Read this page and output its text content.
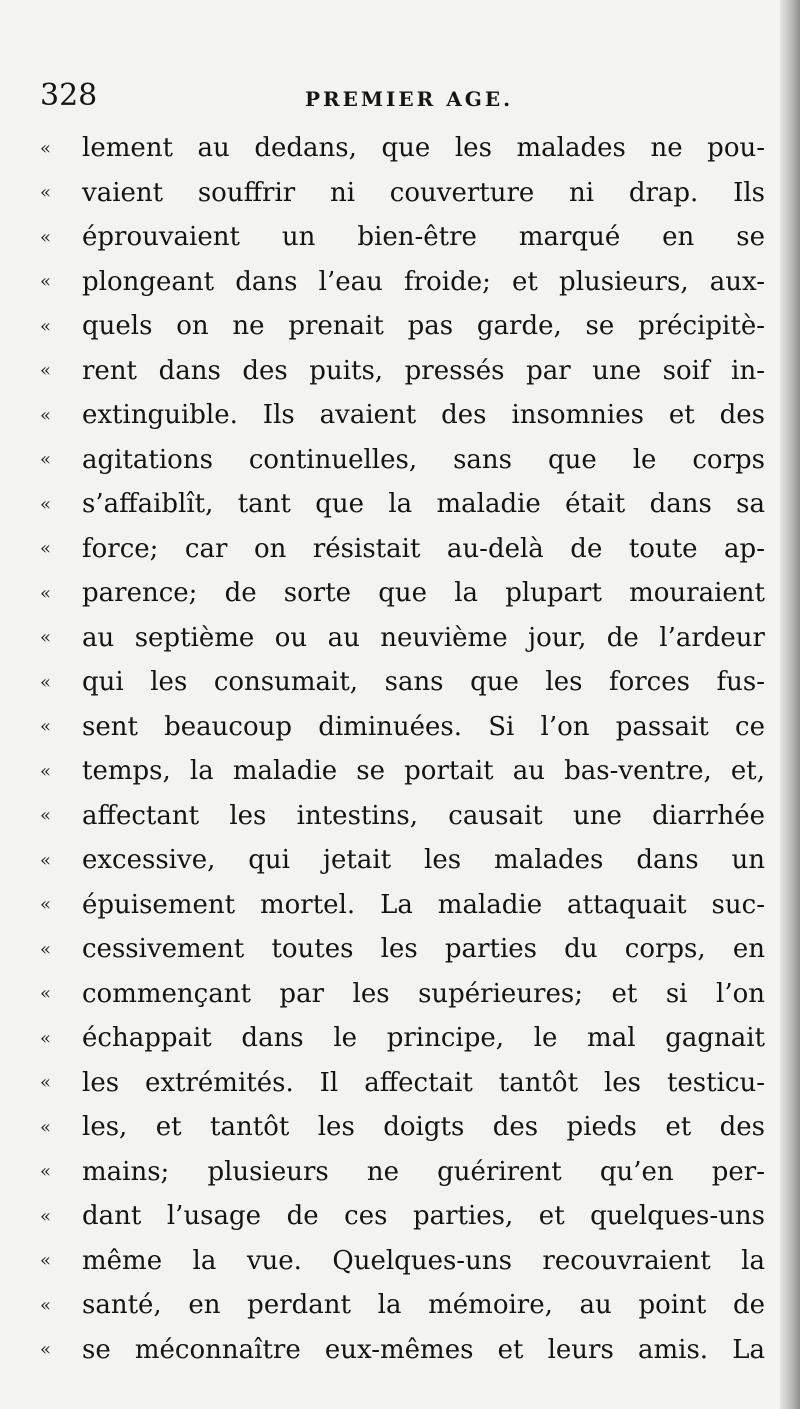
328	PREMIER AGE.
«	lement au dedans, que les malades ne pou-
«	vaient souffrir ni couverture ni drap. Ils
«	éprouvaient un bien-être marqué en se
«	plongeant dans l’eau froide; et plusieurs, aux-
«	quels on ne prenait pas garde, se précipitè-
«	rent dans des puits, pressés par une soif in-
«	extinguible. Ils avaient des insomnies et des
«	agitations continuelles, sans que le corps
«	s’affaiblît, tant que la maladie était dans sa
«	force; car on résistait au-delà de toute ap-
«	parence; de sorte que la plupart mouraient
«	au septième ou au neuvième jour, de l’ardeur
«	qui les consumait, sans que les forces fus-
«	sent beaucoup diminuées. Si l’on passait ce
«	temps, la maladie se portait au bas-ventre, et,
«	affectant les intestins, causait une diarrhée
«	excessive, qui jetait les malades dans un
«	épuisement mortel. La maladie attaquait suc-
«	cessivement toutes les parties du corps, en
«	commençant par les supérieures; et si l’on
«	échappait dans le principe, le mal gagnait
«	les extrémités. Il affectait tantôt les testicu-
«	les, et tantôt les doigts des pieds et des
«	mains; plusieurs ne guérirent qu’en per-
«	dant l’usage de ces parties, et quelques-uns
«	même la vue. Quelques-uns recouvraient la
«	santé, en perdant la mémoire, au point de
«	se méconnaître eux-mêmes et leurs amis. La
